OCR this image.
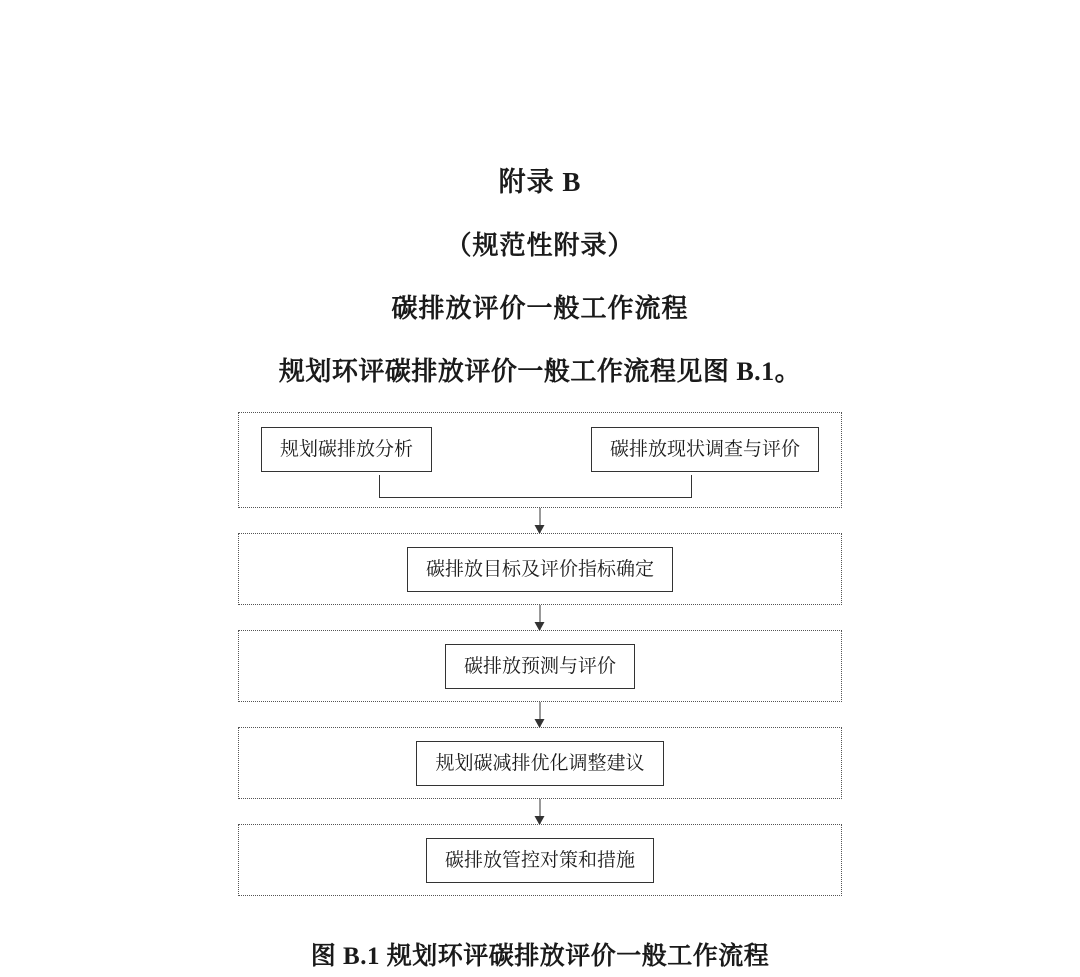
附录 B
（规范性附录）
碳排放评价一般工作流程
规划环评碳排放评价一般工作流程见图 B.1。
规划碳排放分析	碳排放现状调查与评价
碳排放目标及评价指标确定
碳排放预测与评价
规划碳减排优化调整建议
碳排放管控对策和措施
图 B.1 规划环评碳排放评价一般工作流程
